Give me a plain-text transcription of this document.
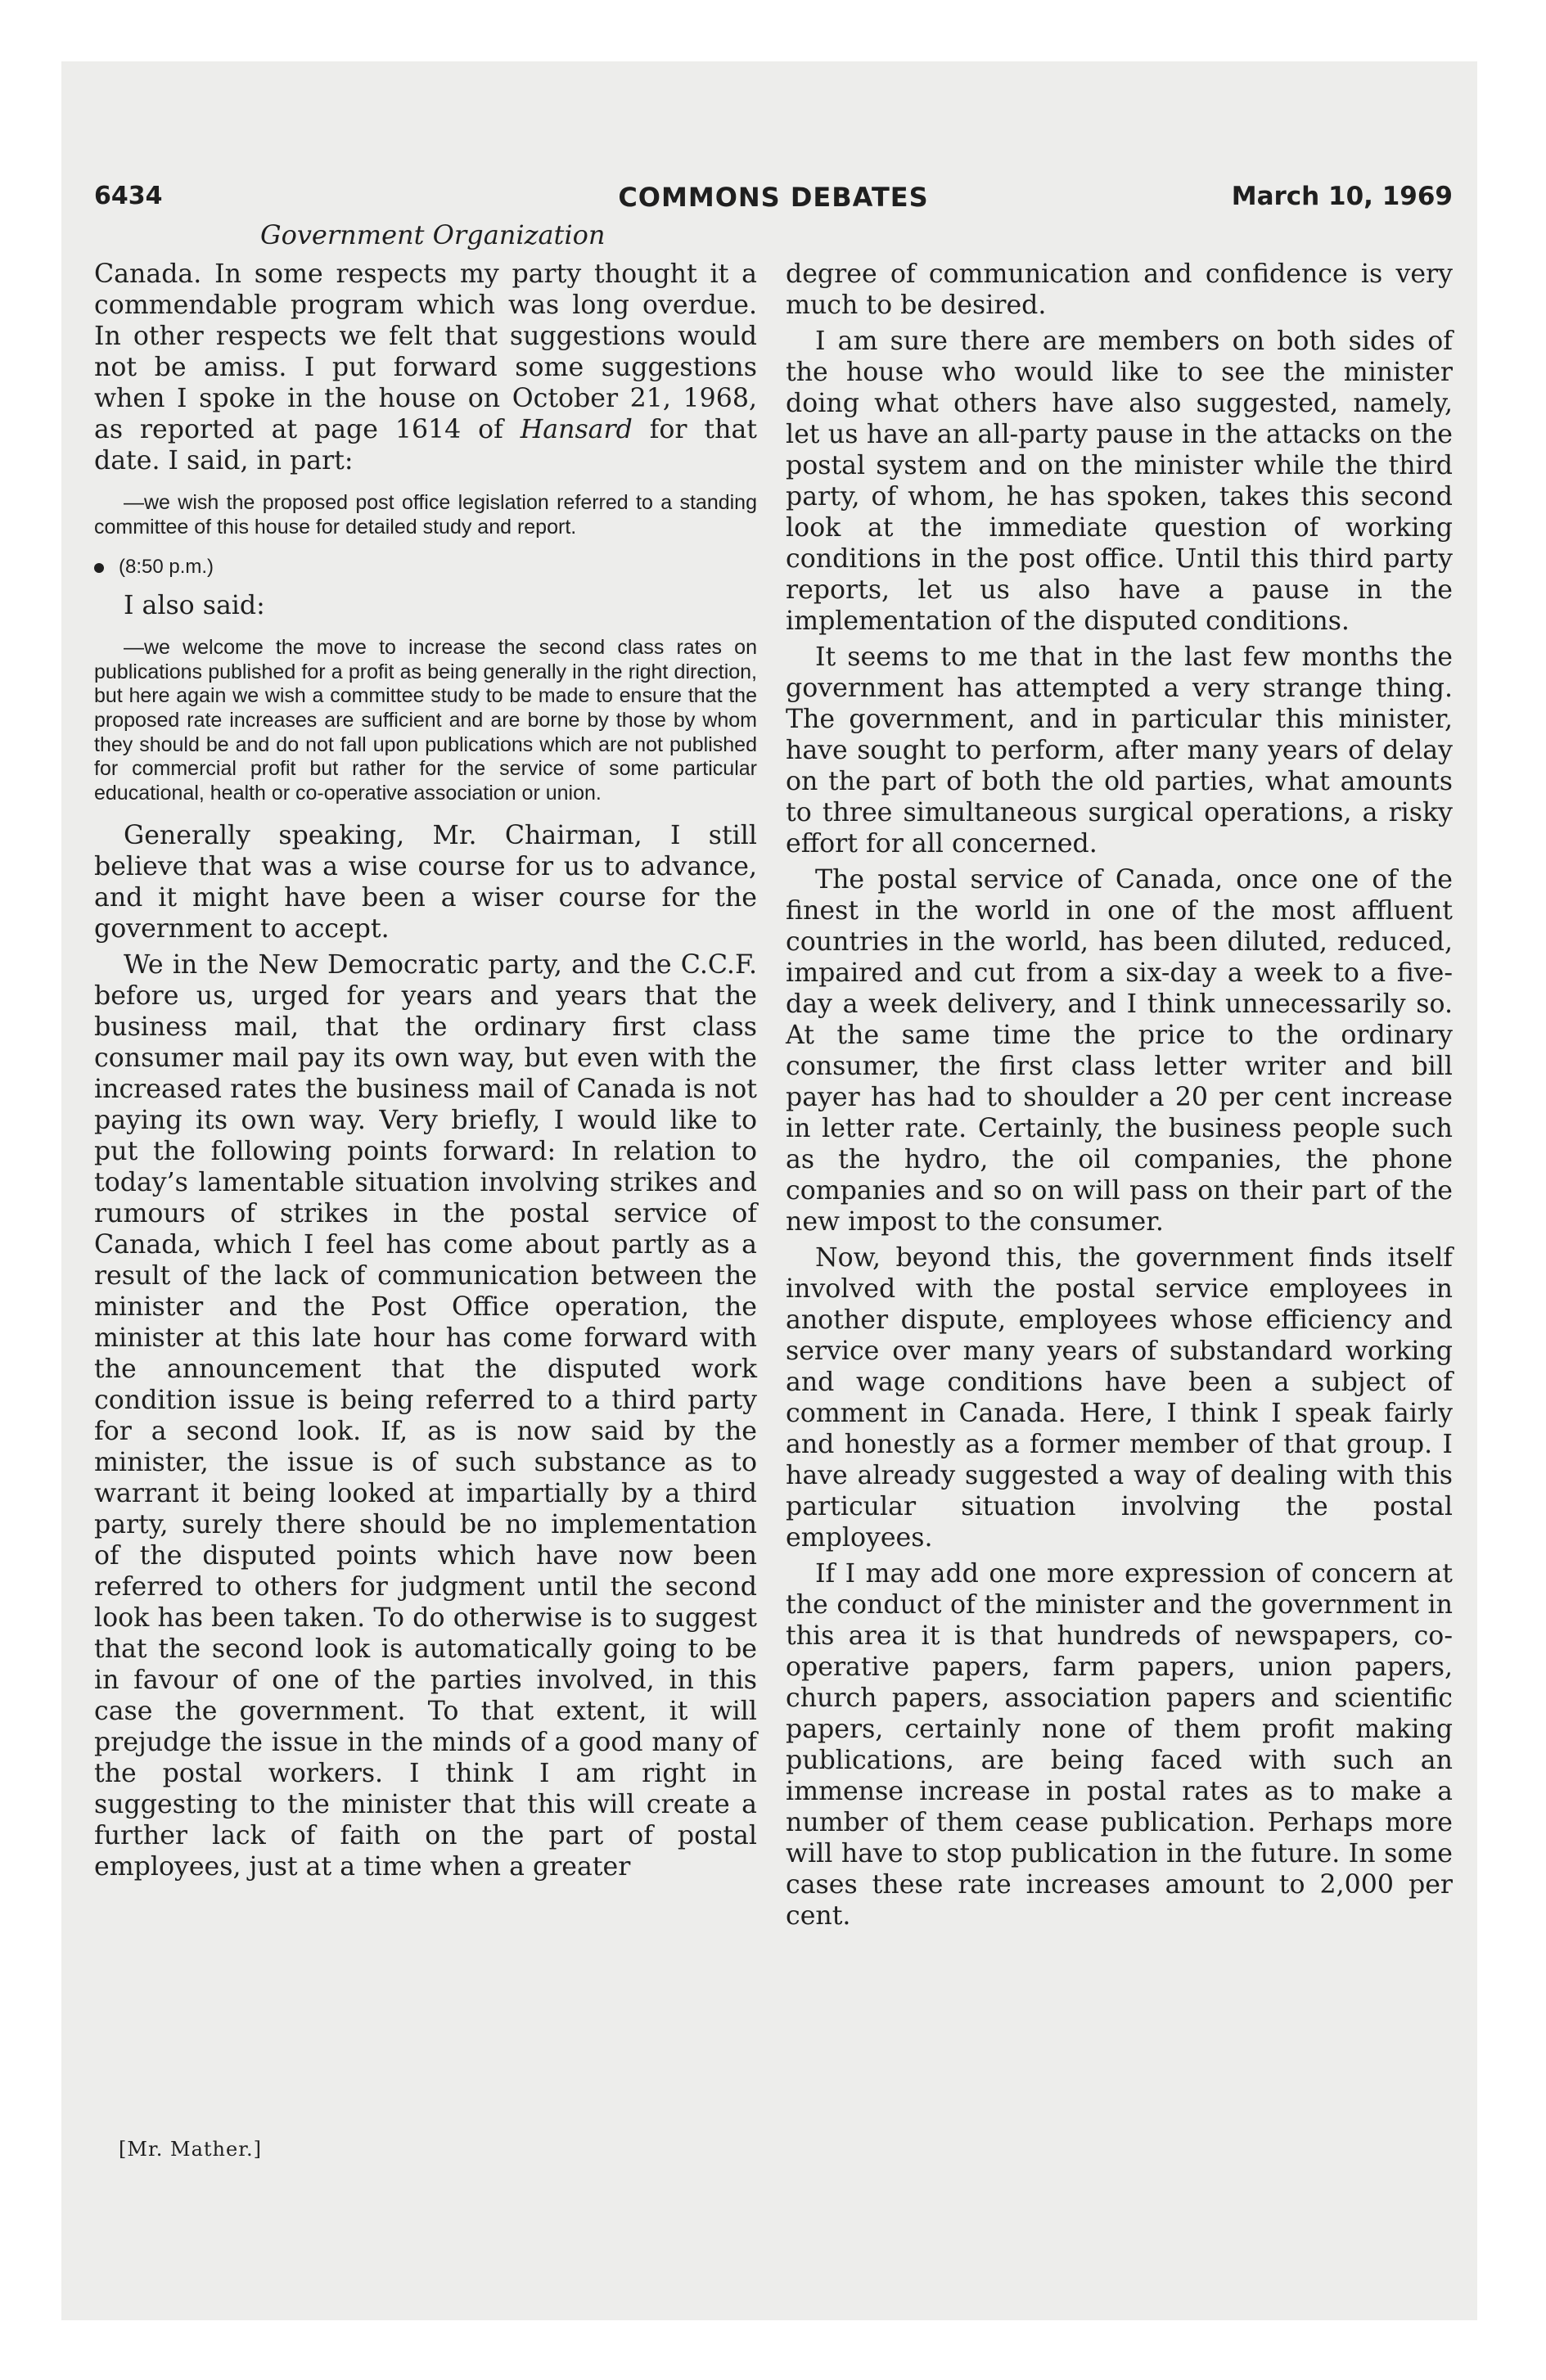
6434	COMMONS DEBATES	March 10, 1969
Government Organization

Canada. In some respects my party thought it a commendable program which was long overdue. In other respects we felt that suggestions would not be amiss. I put forward some suggestions when I spoke in the house on October 21, 1968, as reported at page 1614 of Hansard for that date. I said, in part:

—we wish the proposed post office legislation referred to a standing committee of this house for detailed study and report.

(8:50 p.m.)

I also said:

—we welcome the move to increase the second class rates on publications published for a profit as being generally in the right direction, but here again we wish a committee study to be made to ensure that the proposed rate increases are sufficient and are borne by those by whom they should be and do not fall upon publications which are not published for commercial profit but rather for the service of some particular educational, health or co-operative association or union.

Generally speaking, Mr. Chairman, I still believe that was a wise course for us to advance, and it might have been a wiser course for the government to accept.

We in the New Democratic party, and the C.C.F. before us, urged for years and years that the business mail, that the ordinary first class consumer mail pay its own way, but even with the increased rates the business mail of Canada is not paying its own way. Very briefly, I would like to put the following points forward: In relation to today’s lamentable situation involving strikes and rumours of strikes in the postal service of Canada, which I feel has come about partly as a result of the lack of communication between the minister and the Post Office operation, the minister at this late hour has come forward with the announcement that the disputed work condition issue is being referred to a third party for a second look. If, as is now said by the minister, the issue is of such substance as to warrant it being looked at impartially by a third party, surely there should be no implementation of the disputed points which have now been referred to others for judgment until the second look has been taken. To do otherwise is to suggest that the second look is automatically going to be in favour of one of the parties involved, in this case the government. To that extent, it will prejudge the issue in the minds of a good many of the postal workers. I think I am right in suggesting to the minister that this will create a further lack of faith on the part of postal employees, just at a time when a greater

degree of communication and confidence is very much to be desired.

I am sure there are members on both sides of the house who would like to see the minister doing what others have also suggested, namely, let us have an all-party pause in the attacks on the postal system and on the minister while the third party, of whom, he has spoken, takes this second look at the immediate question of working conditions in the post office. Until this third party reports, let us also have a pause in the implementation of the disputed conditions.

It seems to me that in the last few months the government has attempted a very strange thing. The government, and in particular this minister, have sought to perform, after many years of delay on the part of both the old parties, what amounts to three simultaneous surgical operations, a risky effort for all concerned.

The postal service of Canada, once one of the finest in the world in one of the most affluent countries in the world, has been diluted, reduced, impaired and cut from a six-day a week to a five-day a week delivery, and I think unnecessarily so. At the same time the price to the ordinary consumer, the first class letter writer and bill payer has had to shoulder a 20 per cent increase in letter rate. Certainly, the business people such as the hydro, the oil companies, the phone companies and so on will pass on their part of the new impost to the consumer.

Now, beyond this, the government finds itself involved with the postal service employees in another dispute, employees whose efficiency and service over many years of substandard working and wage conditions have been a subject of comment in Canada. Here, I think I speak fairly and honestly as a former member of that group. I have already suggested a way of dealing with this particular situation involving the postal employees.

If I may add one more expression of concern at the conduct of the minister and the government in this area it is that hundreds of newspapers, co-operative papers, farm papers, union papers, church papers, association papers and scientific papers, certainly none of them profit making publications, are being faced with such an immense increase in postal rates as to make a number of them cease publication. Perhaps more will have to stop publication in the future. In some cases these rate increases amount to 2,000 per cent.

[Mr. Mather.]
